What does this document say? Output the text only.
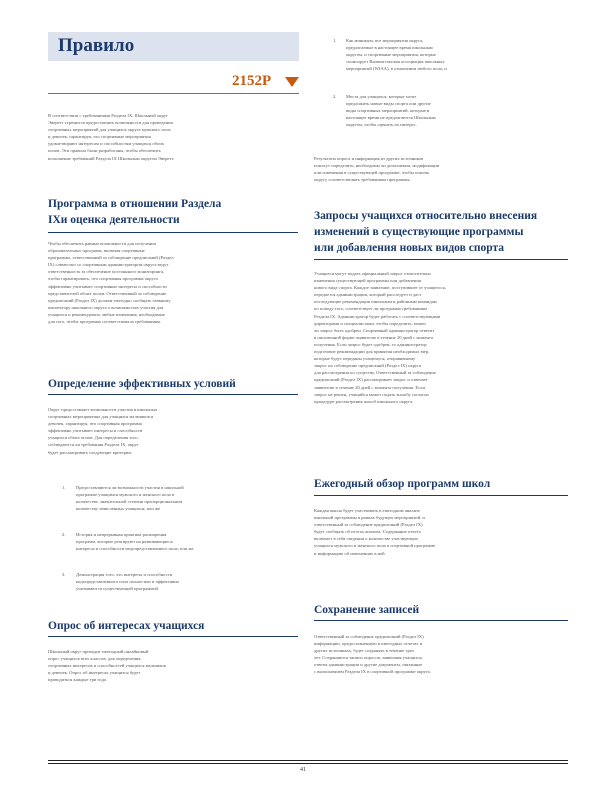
Правило
2152P
В соответствии с требованиями Раздела IX, Школьный округ
Эверетт стремится предоставлять возможности для проведения
спортивных мероприятий для учащихся округа мужского пола
и девочек, гарантируя, что спортивные мероприятия
удовлетворяют интересам и способностям учащихся обоих
полов. Эти правила были разработаны, чтобы обеспечить
исполнение требований Раздела IX Школьным округом Эверетт.
Программа в отношении Раздела
IXи оценка деятельности
Чтобы обеспечить равные возможности для получения
образовательных программ, включая спортивные
программы, ответственный за соблюдение предписаний (Раздел
IX) совместно со спортивным администратором округа ведут
ответственность за обеспечение постоянного мониторинга,
чтобы гарантировать, что спортивная программа округа
эффективно учитывает спортивные интересы и способности
представителей обоих полов. Ответственный за соблюдение
предписаний (Раздел IX) должен ежегодно сообщать главному
инспектору школьного округа о возможностях участия для
учащихся и рекомендовать любые изменения, необходимые
для того, чтобы программа соответствовала требованиям.
Определение эффективных условий
Округ предоставляет возможности участия в школьных
спортивных мероприятиях для учащихся мальчиков и
девочек, гарантируя, что спортивная программа
эффективно учитывает интересы и способности
учащихся обоих полов. Для определения того,
соблюдаются ли требования Раздела IX, округ
будет рассматривать следующие критерии:
1. Предоставляются ли возможности участия в школьной
программе учащимся мужского и женского пола в
количестве, значительной степени пропорциональном
количеству зачисленных учащихся; или же
2. История и непрерывная практика расширения
программ, которые реагируют на развивающиеся
интересы и способности недопредставленного пола; или же
3. Демонстрация того, что интересы и способности
недопредставленного пола полностью и эффективно
учитываются существующей программой.
Опрос об интересах учащихся
Школьный округ проводит ежегодный онлайновый
опрос учащихся всех классов, для определения
спортивных интересов и способностей учащихся мальчиков
и девочек. Опрос об интересах учащихся будет
проводиться каждые три года.
1. Как минимум, все мероприятия округа,
предлагаемые в настоящее время школьным
округом, и спортивные мероприятия, которые
спонсирует Вашингтонская ассоциация школьных
мероприятий (WIAA), в отношении любого пола; и
2. Места для учащихся, которые хотят
предложить новые виды спорта или другие
виды спортивных мероприятий, которые в
настоящее время не предлагаются Школьным
округом, чтобы оценить их интерес.
Результаты опроса и информация из других источников
помогут определить, необходимы ли дополнения, модификации
или изменения в существующей программе, чтобы помочь
округу соответствовать требованиям программы.
Запросы учащихся относительно внесения
изменений в существующие программы
или добавления новых видов спорта
Учащиеся могут подать официальный запрос относительно
изменения существующей программы или добавления
нового вида спорта. Каждое заявление, поступившее от учащегося,
передается администрации, который расследует и даст
последующие рекомендации школьным и районным командам
по поводу того, соответствует ли программа требованиям
Раздела IX. Администратор будет работать с соответствующими
директорами и специалистами, чтобы определить, может
ли запрос быть одобрен. Спортивный администратор ответит
в письменной форме заявителю в течение 20 дней с момента
получения. Если запрос будет одобрен, то администратор
подготовит рекомендации для принятия необходимых мер,
которые будут переданы учащемуся, отправившему
запрос на соблюдение предписаний (Раздел IX) округа
для рассмотрения по существу. Ответственный за соблюдение
предписаний (Раздел IX) рассматривает запрос и отвечает
заявителю в течение 20 дней с момента получения. Если
запрос не решен, учащийся может подать жалобу согласно
процедуре рассмотрения жалоб школьного округа.
Ежегодный обзор программ школ
Каждая школа будет участвовать в ежегодном анализе
школьной программы в рамках будущих мероприятий, и
ответственный за соблюдение предписаний (Раздел IX)
будет сообщать об итогах анализа. Содержание отчета
включает в себя сведения о количестве участвующих
учащихся мужского и женского пола в спортивной программе
и информацию об изменениях в ней.
Сохранение записей
Ответственный за соблюдение предписаний (Раздел IX)
информацию, предоставленную в ежегодных отчетах и
других источниках, будет сохранять в течение трех
лет. Сохраняются записи опросов, заявления учащихся,
ответы администрации и другие документы, связанные
с выполнением Раздела IX в спортивной программе округа.
41
